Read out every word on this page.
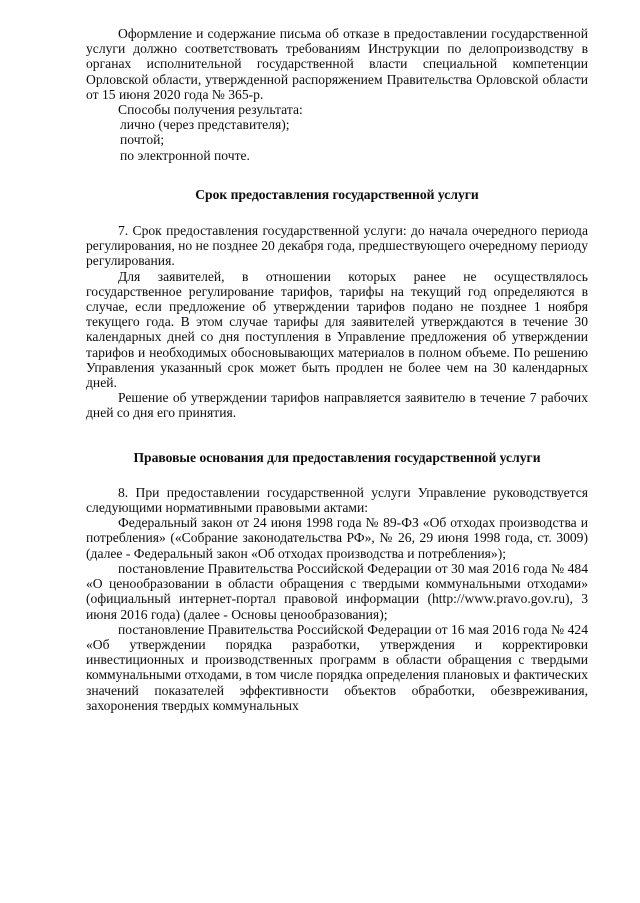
Оформление и содержание письма об отказе в предоставлении государственной услуги должно соответствовать требованиям Инструкции по делопроизводству в органах исполнительной государственной власти специальной компетенции Орловской области, утвержденной распоряжением Правительства Орловской области от 15 июня 2020 года № 365-р.

Способы получения результата:

лично (через представителя);

почтой;

по электронной почте.

Срок предоставления государственной услуги

7. Срок предоставления государственной услуги: до начала очередного периода регулирования, но не позднее 20 декабря года, предшествующего очередному периоду регулирования.

Для заявителей, в отношении которых ранее не осуществлялось государственное регулирование тарифов, тарифы на текущий год определяются в случае, если предложение об утверждении тарифов подано не позднее 1 ноября текущего года. В этом случае тарифы для заявителей утверждаются в течение 30 календарных дней со дня поступления в Управление предложения об утверждении тарифов и необходимых обосновывающих материалов в полном объеме. По решению Управления указанный срок может быть продлен не более чем на 30 календарных дней.

Решение об утверждении тарифов направляется заявителю в течение 7 рабочих дней со дня его принятия.

Правовые основания для предоставления государственной услуги

8. При предоставлении государственной услуги Управление руководствуется следующими нормативными правовыми актами:

Федеральный закон от 24 июня 1998 года № 89-ФЗ «Об отходах производства и потребления» («Собрание законодательства РФ», № 26, 29 июня 1998 года, ст. 3009) (далее - Федеральный закон «Об отходах производства и потребления»);

постановление Правительства Российской Федерации от 30 мая 2016 года № 484 «О ценообразовании в области обращения с твердыми коммунальными отходами» (официальный интернет-портал правовой информации (http://www.pravo.gov.ru), 3 июня 2016 года) (далее - Основы ценообразования);

постановление Правительства Российской Федерации от 16 мая 2016 года № 424 «Об утверждении порядка разработки, утверждения и корректировки инвестиционных и производственных программ в области обращения с твердыми коммунальными отходами, в том числе порядка определения плановых и фактических значений показателей эффективности объектов обработки, обезвреживания, захоронения твердых коммунальных
